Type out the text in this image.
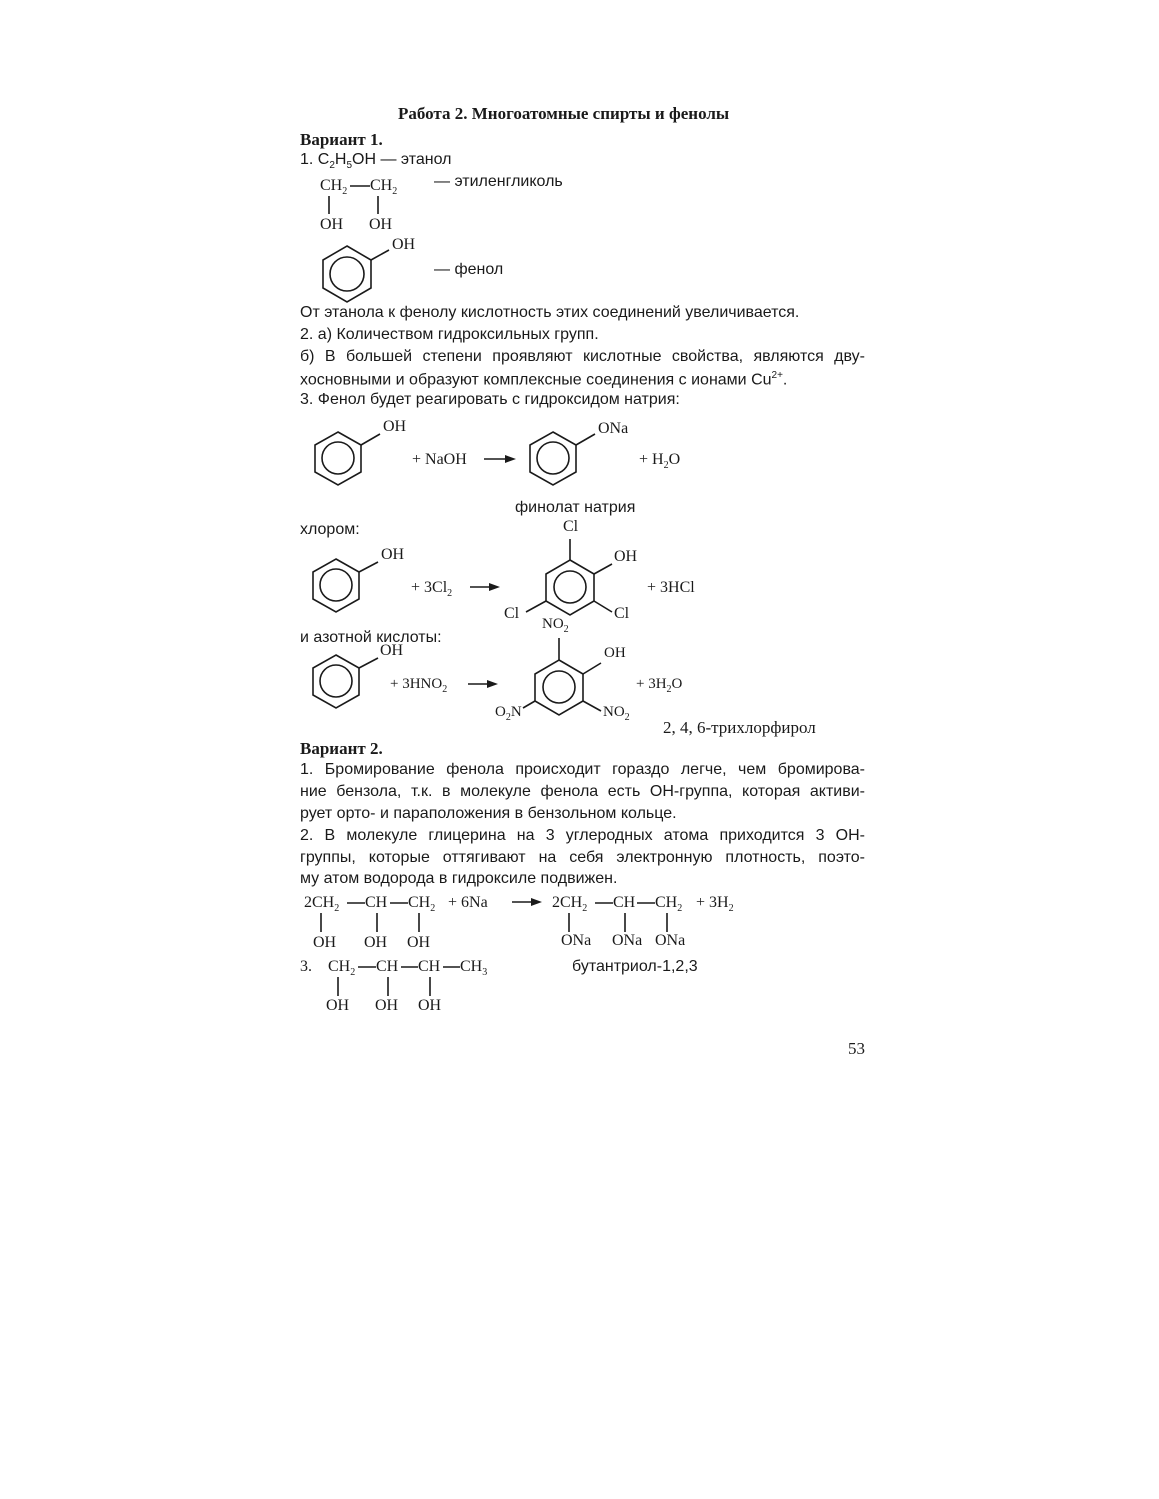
Работа 2. Многоатомные спирты и фенолы
Вариант 1.
1. $C_2H_5OH$ — этанол
$CH_2$ $CH_2$
OH OH
— этиленгликоль
OH
— фенол
От этанола к фенолу кислотность этих соединений увеличивается.
2. а) Количеством гидроксильных групп.
б) В большей степени проявляют кислотные свойства, являются дву-
хосновными и образуют комплексные соединения с ионами $Cu^{2+}$.
3. Фенол будет реагировать с гидроксидом натрия:
OH
+ NaOH
ONa
+ $H_2O$
финолат натрия
хлором:
OH
+ $3Cl_2$
Cl
OH
Cl	Cl
+ 3HCl
и азотной кислоты:
OH
+ $3HNO_2$
$NO_2$
OH
$O_2N$	$NO_2$
+ $3H_2O$
2, 4, 6-трихлорфирол
Вариант 2.
1. Бромирование фенола происходит гораздо легче, чем бромирова-
ние бензола, т.к. в молекуле фенола есть ОН-группа, которая активи-
рует орто- и параположения в бензольном кольце.
2. В молекуле глицерина на 3 углеродных атома приходится 3 ОН-
группы, которые оттягивают на себя электронную плотность, поэто-
му атом водорода в гидроксиле подвижен.
$2CH_2$ CH $CH_2 + 6Na$	$2CH_2$ CH $CH_2 + 3H_2$
OH OH OH	ONa ONa ONa
3. $CH_2$ CH CH $CH_3$
OH OH OH
бутантриол-1,2,3
53
